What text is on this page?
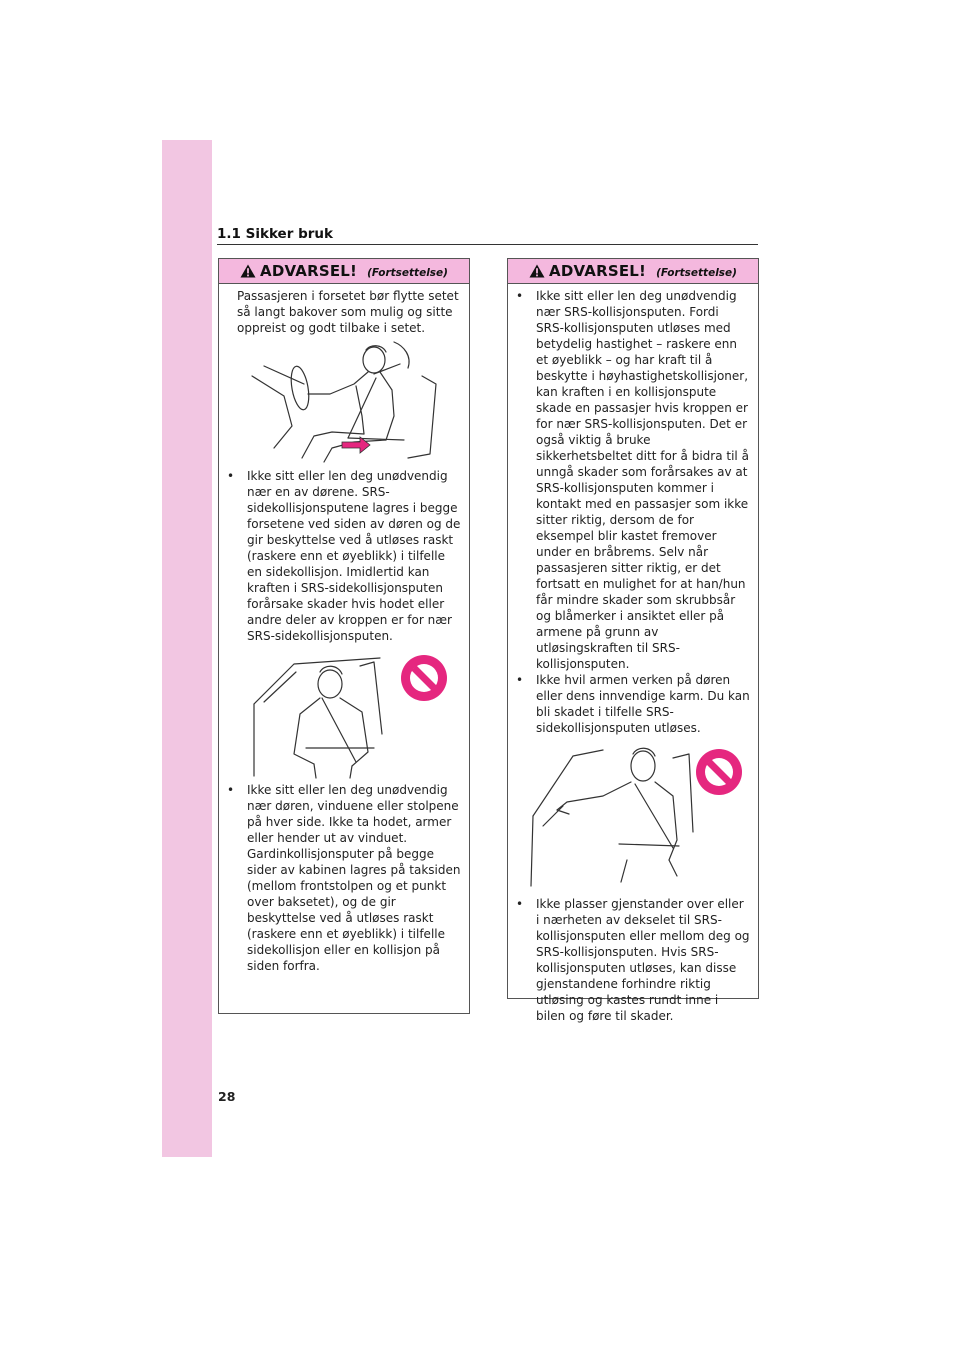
1.1 Sikker bruk
ADVARSEL! (Fortsettelse)

Passasjeren i forsetet bør flytte setet så langt bakover som mulig og sitte oppreist og godt tilbake i setet.

•	Ikke sitt eller len deg unødvendig nær en av dørene. SRS-sidekollisjonsputene lagres i begge forsetene ved siden av døren og de gir beskyttelse ved å utløses raskt (raskere enn et øyeblikk) i tilfelle en sidekollisjon. Imidlertid kan kraften i SRS-sidekollisjonsputen forårsake skader hvis hodet eller andre deler av kroppen er for nær SRS-sidekollisjonsputen.
•	Ikke sitt eller len deg unødvendig nær døren, vinduene eller stolpene på hver side. Ikke ta hodet, armer eller hender ut av vinduet. Gardinkollisjonsputer på begge sider av kabinen lagres på taksiden (mellom frontstolpen og et punkt over baksetet), og de gir beskyttelse ved å utløses raskt (raskere enn et øyeblikk) i tilfelle sidekollisjon eller en kollisjon på siden forfra.
ADVARSEL! (Fortsettelse)
•	Ikke sitt eller len deg unødvendig nær SRS-kollisjonsputen. Fordi SRS-kollisjonsputen utløses med betydelig hastighet – raskere enn et øyeblikk – og har kraft til å beskytte i høyhastighetskollisjoner, kan kraften i en kollisjonspute skade en passasjer hvis kroppen er for nær SRS-kollisjonsputen. Det er også viktig å bruke sikkerhetsbeltet ditt for å bidra til å unngå skader som forårsakes av at SRS-kollisjonsputen kommer i kontakt med en passasjer som ikke sitter riktig, dersom de for eksempel blir kastet fremover under en bråbrems. Selv når passasjeren sitter riktig, er det fortsatt en mulighet for at han/hun får mindre skader som skrubbsår og blåmerker i ansiktet eller på armene på grunn av utløsingskraften til SRS-kollisjonsputen.
•	Ikke hvil armen verken på døren eller dens innvendige karm. Du kan bli skadet i tilfelle SRS-sidekollisjonsputen utløses.
•	Ikke plasser gjenstander over eller i nærheten av dekselet til SRS-kollisjonsputen eller mellom deg og SRS-kollisjonsputen. Hvis SRS-kollisjonsputen utløses, kan disse gjenstandene forhindre riktig utløsing og kastes rundt inne i bilen og føre til skader.
28
